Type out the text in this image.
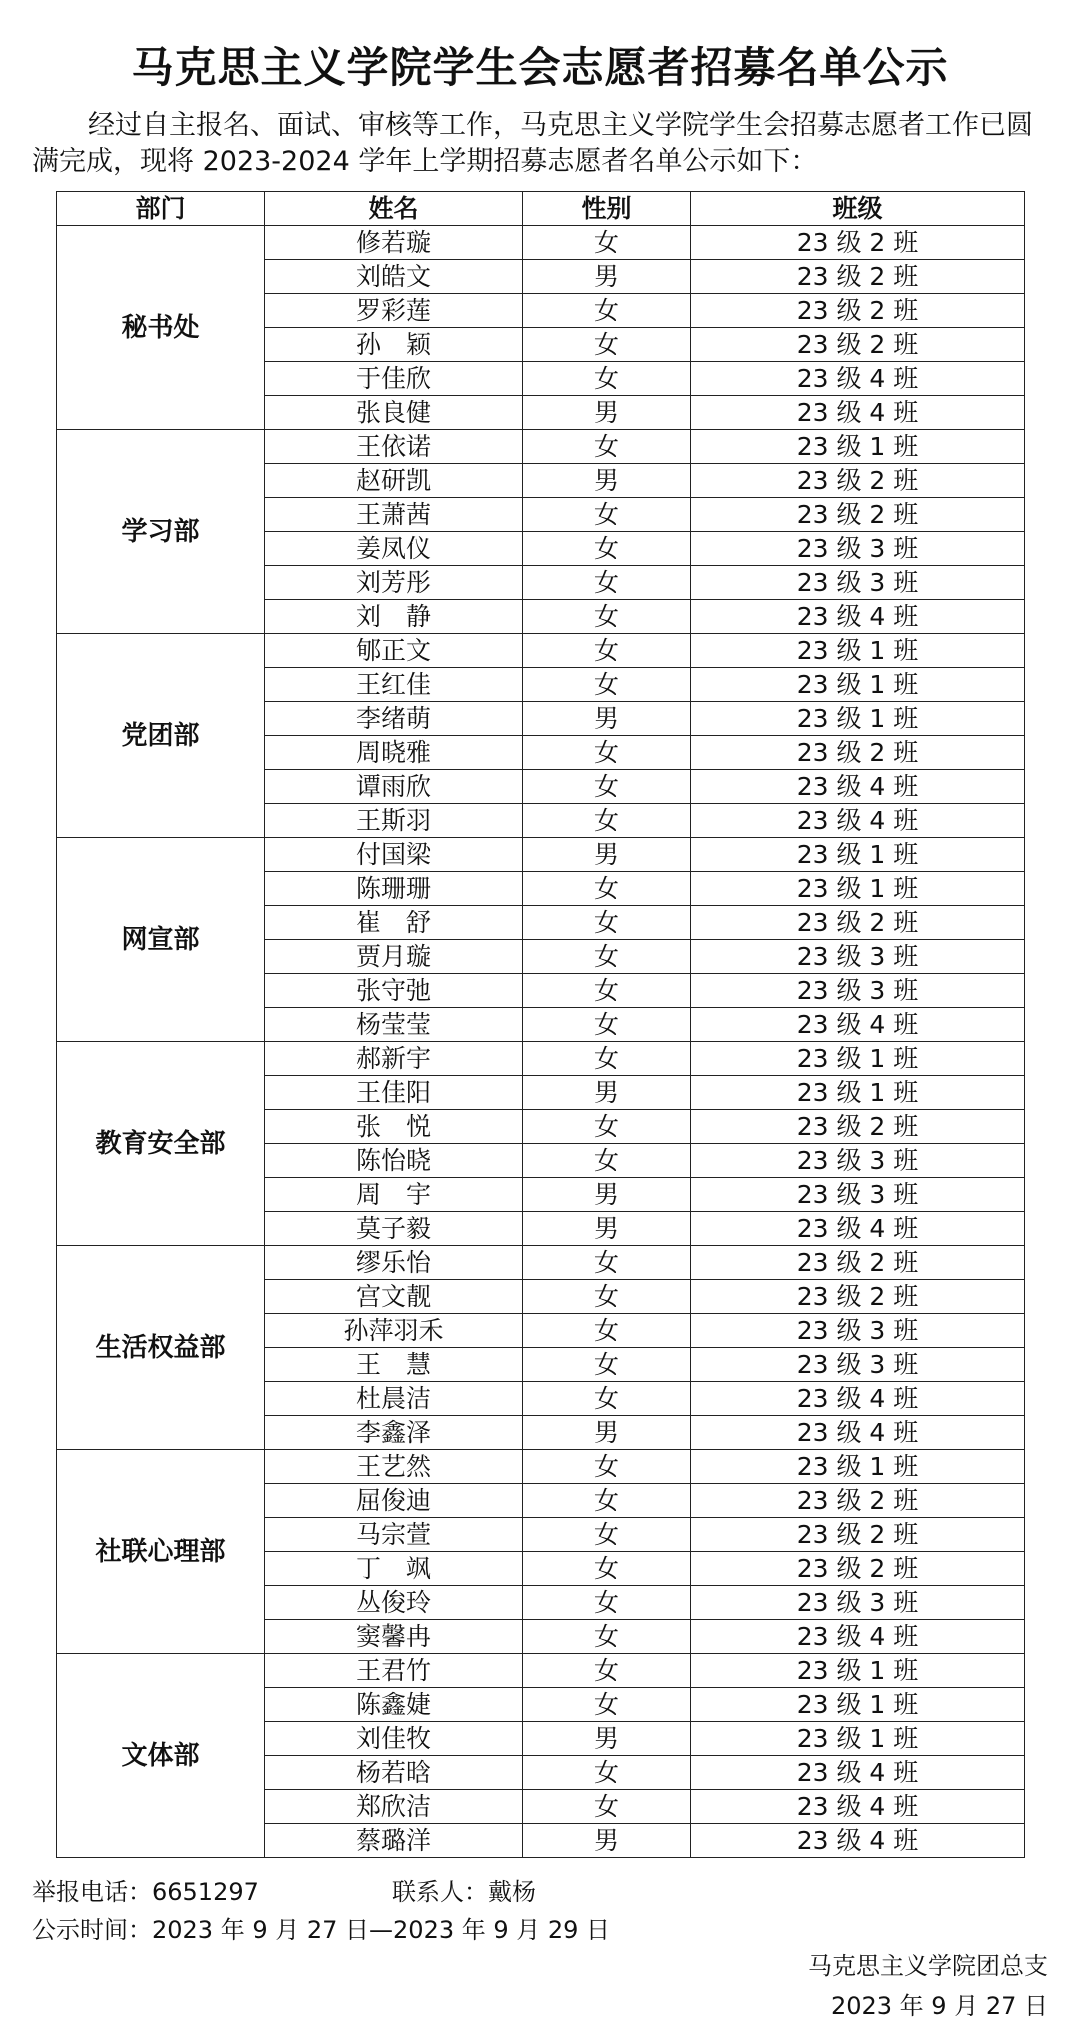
马克思主义学院学生会志愿者招募名单公示

经过自主报名、面试、审核等工作，马克思主义学院学生会招募志愿者工作已圆满完成，现将 2023-2024 学年上学期招募志愿者名单公示如下：

部门	姓名	性别	班级
秘书处	修若璇	女	23 级 2 班
	刘皓文	男	23 级 2 班
	罗彩莲	女	23 级 2 班
	孙　颖	女	23 级 2 班
	于佳欣	女	23 级 4 班
	张良健	男	23 级 4 班
学习部	王依诺	女	23 级 1 班
	赵研凯	男	23 级 2 班
	王萧茜	女	23 级 2 班
	姜凤仪	女	23 级 3 班
	刘芳彤	女	23 级 3 班
	刘　静	女	23 级 4 班
党团部	郇正文	女	23 级 1 班
	王红佳	女	23 级 1 班
	李绪萌	男	23 级 1 班
	周晓雅	女	23 级 2 班
	谭雨欣	女	23 级 4 班
	王斯羽	女	23 级 4 班
网宣部	付国梁	男	23 级 1 班
	陈珊珊	女	23 级 1 班
	崔　舒	女	23 级 2 班
	贾月璇	女	23 级 3 班
	张守弛	女	23 级 3 班
	杨莹莹	女	23 级 4 班
教育安全部	郝新宇	女	23 级 1 班
	王佳阳	男	23 级 1 班
	张　悦	女	23 级 2 班
	陈怡晓	女	23 级 3 班
	周　宇	男	23 级 3 班
	莫子毅	男	23 级 4 班
生活权益部	缪乐怡	女	23 级 2 班
	宫文靓	女	23 级 2 班
	孙萍羽禾	女	23 级 3 班
	王　慧	女	23 级 3 班
	杜晨洁	女	23 级 4 班
	李鑫泽	男	23 级 4 班
社联心理部	王艺然	女	23 级 1 班
	屈俊迪	女	23 级 2 班
	马宗萱	女	23 级 2 班
	丁　飒	女	23 级 2 班
	丛俊玲	女	23 级 3 班
	窦馨冉	女	23 级 4 班
文体部	王君竹	女	23 级 1 班
	陈鑫婕	女	23 级 1 班
	刘佳牧	男	23 级 1 班
	杨若晗	女	23 级 4 班
	郑欣洁	女	23 级 4 班
	蔡璐洋	男	23 级 4 班
举报电话：6651297	联系人：戴杨
公示时间：2023 年 9 月 27 日—2023 年 9 月 29 日
马克思主义学院团总支
2023 年 9 月 27 日
